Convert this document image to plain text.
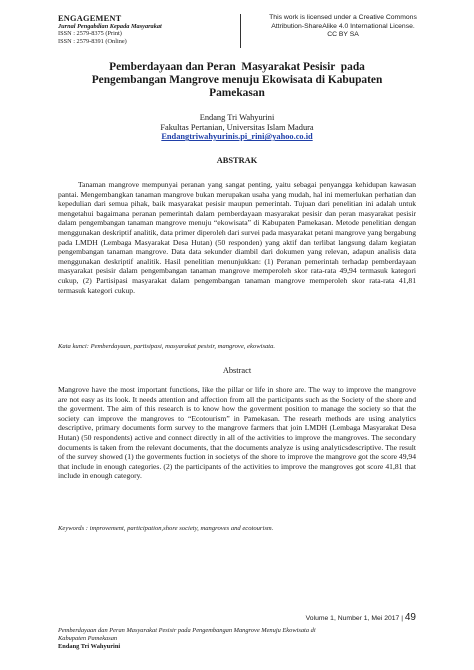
ENGAGEMENT
Jurnal Pengabdian Kepada Masyarakat
ISSN : 2579-8375 (Print)
ISSN : 2579-8391 (Online)
This work is licensed under a Creative Commons
Attribution-ShareAlike 4.0 International License.
CC BY SA
Pemberdayaan dan Peran  Masyarakat Pesisir  pada
Pengembangan Mangrove menuju Ekowisata di Kabupaten
Pamekasan
Endang Tri Wahyurini
Fakultas Pertanian, Universitas Islam Madura
Endangtriwahyurinis.pi_rini@yahoo.co.id
ABSTRAK
Tanaman mangrove mempunyai peranan yang sangat penting, yaitu sebagai penyangga kehidupan kawasan pantai. Mengembangkan tanaman mangrove bukan merupakan usaha yang mudah, hal ini memerlukan perhatian dan kepedulian dari semua pihak, baik masyarakat pesisir maupun pemerintah. Tujuan dari penelitian ini adalah untuk mengetahui bagaimana peranan pemerintah dalam pemberdayaan masyarakat pesisir dan peran masyarakat pesisir dalam pengembangan tanaman mangrove menuju “ekowisata” di Kabupaten Pamekasan. Metode penelitian dengan menggunakan deskriptif analitik, data primer diperoleh dari survei pada masyarakat petani mangrove yang bergabung pada LMDH (Lembaga Masyarakat Desa Hutan) (50 responden) yang aktif dan terlibat langsung dalam kegiatan pengembangan tanaman mangrove. Data data sekunder diambil dari dokumen yang relevan, adapun analisis data menggunakan deskriptif analitik. Hasil penelitian menunjukkan: (1) Peranan pemerintah terhadap pemberdayaan masyarakat pesisir dalam pengembangan tanaman mangrove memperoleh skor rata-rata 49,94 termasuk kategori cukup, (2) Partisipasi masyarakat dalam pengembangan tanaman mangrove memperoleh skor rata-rata 41,81 termasuk kategori cukup.
Kata kunci: Pemberdayaan, partisipasi, masyarakat pesisir, mangrove, ekowisata.
Abstract
Mangrove have the most important functions, like the pillar or life in shore are. The way to improve the mangrove are not easy as its look. It needs attention and affection from all the participants such as the Society of the shore and the goverment. The aim of this research is to know how the goverment position to manage the society so that the society can improve the mangroves to “Ecotourism” in Pamekasan. The researh methods are using analytics descriptive, primary documents form survey to the mangrove farmers that join LMDH (Lembaga Masyarakat Desa Hutan) (50 respondents) active and connect directly in all of the activities to improve the mangroves. The secondary documents is taken from the relevant documents, that the documents analyze is using analyticsdescriptive. The result of the survey showed (1) the goverments fuction in societys of the shore to improve the mangrove got the score 49,94 that include in enough categories. (2) the participants of the activities to improve the mangroves got score 41,81 that include in enough category.
Keywords : improvement, participation,shore society, mangroves and ecotourism.
Volume 1, Number 1, Mei 2017 | 49
Pemberdayaan dan Peran Masyarakat Pesisir pada Pengembangan Mangrove Menuju Ekowisata di
Kabupaten Pamekasan
Endang Tri Wahyurini
